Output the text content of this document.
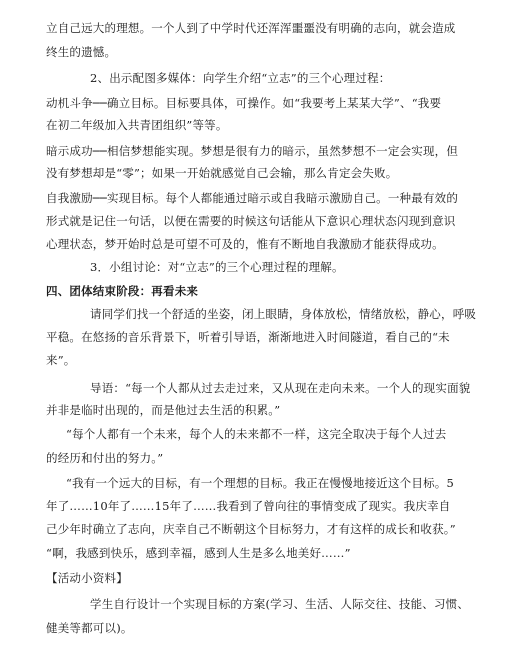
立自己远大的理想。一个人到了中学时代还浑浑噩噩没有明确的志向，就会造成
终生的遗憾。
2、出示配图多媒体：向学生介绍“立志”的三个心理过程：
动机斗争──确立目标。目标要具体，可操作。如“我要考上某某大学”、“我要
在初二年级加入共青团组织”等等。
暗示成功──相信梦想能实现。梦想是很有力的暗示，虽然梦想不一定会实现，但
没有梦想却是“零”；如果一开始就感觉自己会输，那么肯定会失败。
自我激励──实现目标。每个人都能通过暗示或自我暗示激励自己。一种最有效的
形式就是记住一句话，以便在需要的时候这句话能从下意识心理状态闪现到意识
心理状态，梦开始时总是可望不可及的，惟有不断地自我激励才能获得成功。
3．小组讨论：对“立志”的三个心理过程的理解。
四、团体结束阶段：再看未来
请同学们找一个舒适的坐姿，闭上眼睛，身体放松，情绪放松，静心，呼吸
平稳。在悠扬的音乐背景下，听着引导语，渐渐地进入时间隧道，看自己的“未
来”。
导语：“每一个人都从过去走过来，又从现在走向未来。一个人的现实面貌
并非是临时出现的，而是他过去生活的积累。”
“每个人都有一个未来，每个人的未来都不一样，这完全取决于每个人过去
的经历和付出的努力。”
“我有一个远大的目标，有一个理想的目标。我正在慢慢地接近这个目标。5
年了……10年了……15年了……我看到了曾向往的事情变成了现实。我庆幸自
己少年时确立了志向，庆幸自己不断朝这个目标努力，才有这样的成长和收获。”
“啊，我感到快乐，感到幸福，感到人生是多么地美好……”
【活动小资料】
学生自行设计一个实现目标的方案(学习、生活、人际交往、技能、习惯、
健美等都可以)。
